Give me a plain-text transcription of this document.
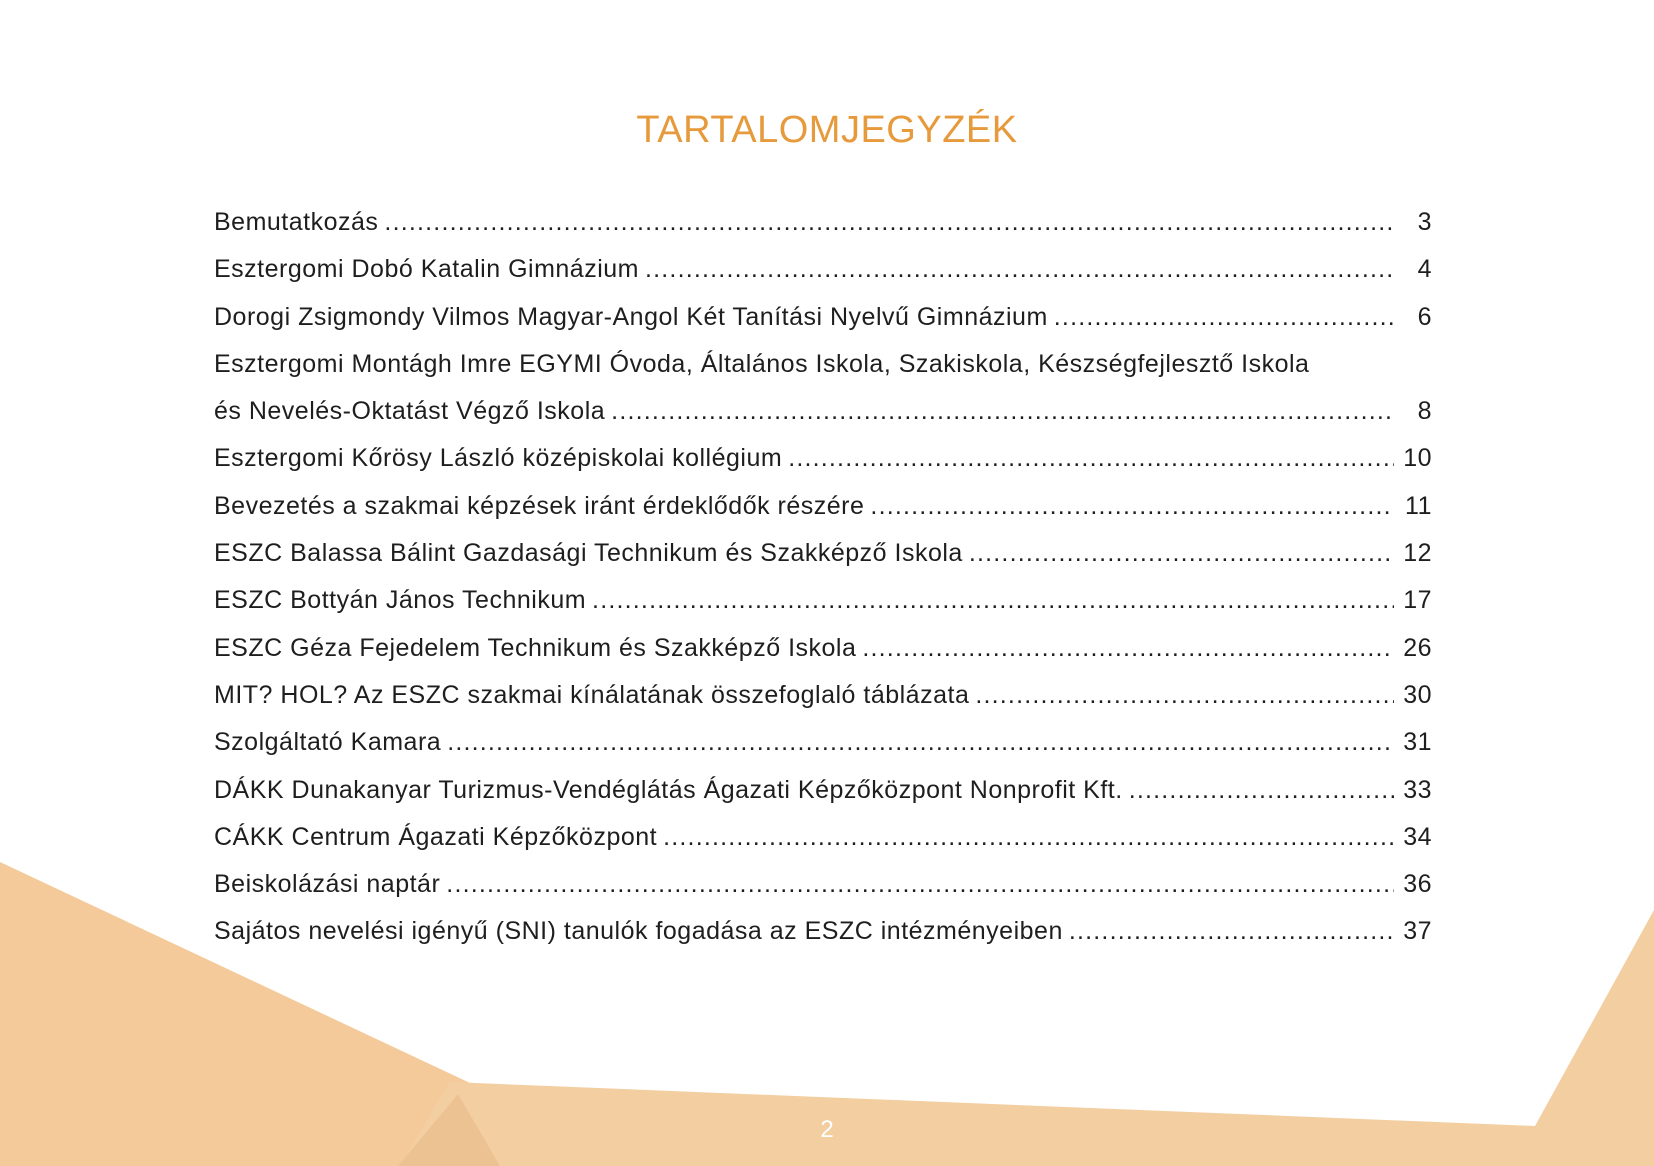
TARTALOMJEGYZÉK
Bemutatkozás .....	3
Esztergomi Dobó Katalin Gimnázium .....	4
Dorogi Zsigmondy Vilmos Magyar-Angol Két Tanítási Nyelvű Gimnázium .....	6
Esztergomi Montágh Imre EGYMI Óvoda, Általános Iskola, Szakiskola, Készségfejlesztő Iskola
és Nevelés-Oktatást Végző Iskola .....	8
Esztergomi Kőrösy László középiskolai kollégium .....	10
Bevezetés a szakmai képzések iránt érdeklődők részére .....	11
ESZC Balassa Bálint Gazdasági Technikum és Szakképző Iskola .....	12
ESZC Bottyán János Technikum .....	17
ESZC Géza Fejedelem Technikum és Szakképző Iskola .....	26
MIT? HOL? Az ESZC szakmai kínálatának összefoglaló táblázata .....	30
Szolgáltató Kamara .....	31
DÁKK Dunakanyar Turizmus-Vendéglátás Ágazati Képzőközpont Nonprofit Kft. .....	33
CÁKK Centrum Ágazati Képzőközpont .....	34
Beiskolázási naptár .....	36
Sajátos nevelési igényű (SNI) tanulók fogadása az ESZC intézményeiben .....	37
2
